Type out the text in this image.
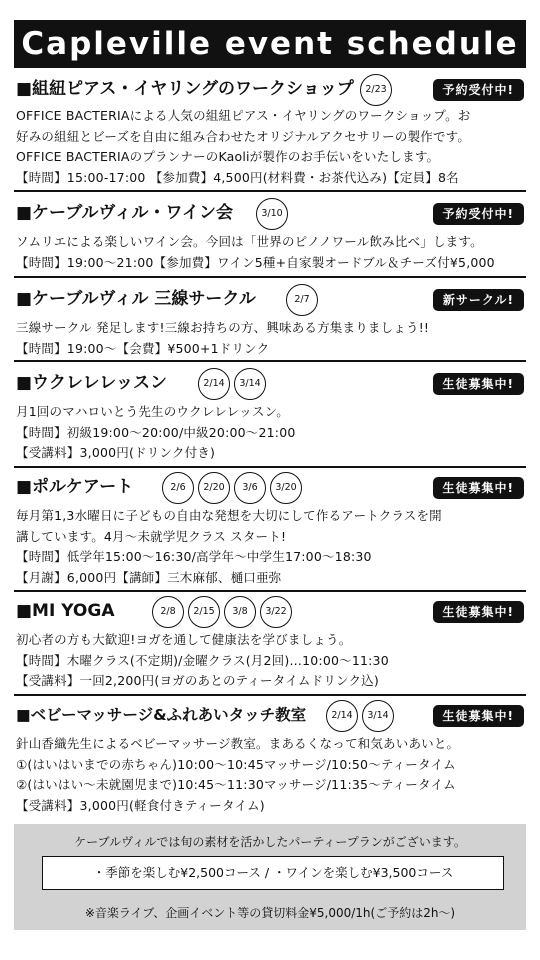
Capleville event schedule
■組紐ピアス・イヤリングのワークショップ	2/23	予約受付中!
OFFICE BACTERIAによる人気の組紐ピアス・イヤリングのワークショップ。お
好みの組紐とビーズを自由に組み合わせたオリジナルアクセサリーの製作です。
OFFICE BACTERIAのプランナーのKaoliが製作のお手伝いをいたします。
【時間】15:00-17:00 【参加費】4,500円(材料費・お茶代込み)【定員】8名
■ケーブルヴィル・ワイン会	3/10	予約受付中!
ソムリエによる楽しいワイン会。今回は「世界のピノノワール飲み比べ」します。
【時間】19:00～21:00【参加費】ワイン5種+自家製オードブル＆チーズ付¥5,000
■ケーブルヴィル 三線サークル	2/7	新サークル!
三線サークル 発足します!三線お持ちの方、興味ある方集まりましょう!!
【時間】19:00～【会費】¥500+1ドリンク
■ウクレレレッスン	2/14	3/14	生徒募集中!
月1回のマハロいとう先生のウクレレレッスン。
【時間】初級19:00～20:00/中級20:00～21:00
【受講料】3,000円(ドリンク付き)
■ポルケアート	2/6	2/20	3/6	3/20	生徒募集中!
毎月第1,3水曜日に子どもの自由な発想を大切にして作るアートクラスを開
講しています。4月～未就学児クラス スタート!
【時間】低学年15:00～16:30/高学年～中学生17:00～18:30
【月謝】6,000円【講師】三木麻郁、樋口亜弥
■MI YOGA	2/8	2/15	3/8	3/22	生徒募集中!
初心者の方も大歓迎!ヨガを通して健康法を学びましょう。
【時間】木曜クラス(不定期)/金曜クラス(月2回)…10:00～11:30
【受講料】一回2,200円(ヨガのあとのティータイムドリンク込)
■ベビーマッサージ&ふれあいタッチ教室	2/14	3/14	生徒募集中!
針山香織先生によるベビーマッサージ教室。まあるくなって和気あいあいと。
①(はいはいまでの赤ちゃん)10:00～10:45マッサージ/10:50～ティータイム
②(はいはい～未就園児まで)10:45～11:30マッサージ/11:35～ティータイム
【受講料】3,000円(軽食付きティータイム)
ケーブルヴィルでは旬の素材を活かしたパーティープランがございます。
・季節を楽しむ¥2,500コース / ・ワインを楽しむ¥3,500コース
※音楽ライブ、企画イベント等の貸切料金¥5,000/1h(ご予約は2h～)
